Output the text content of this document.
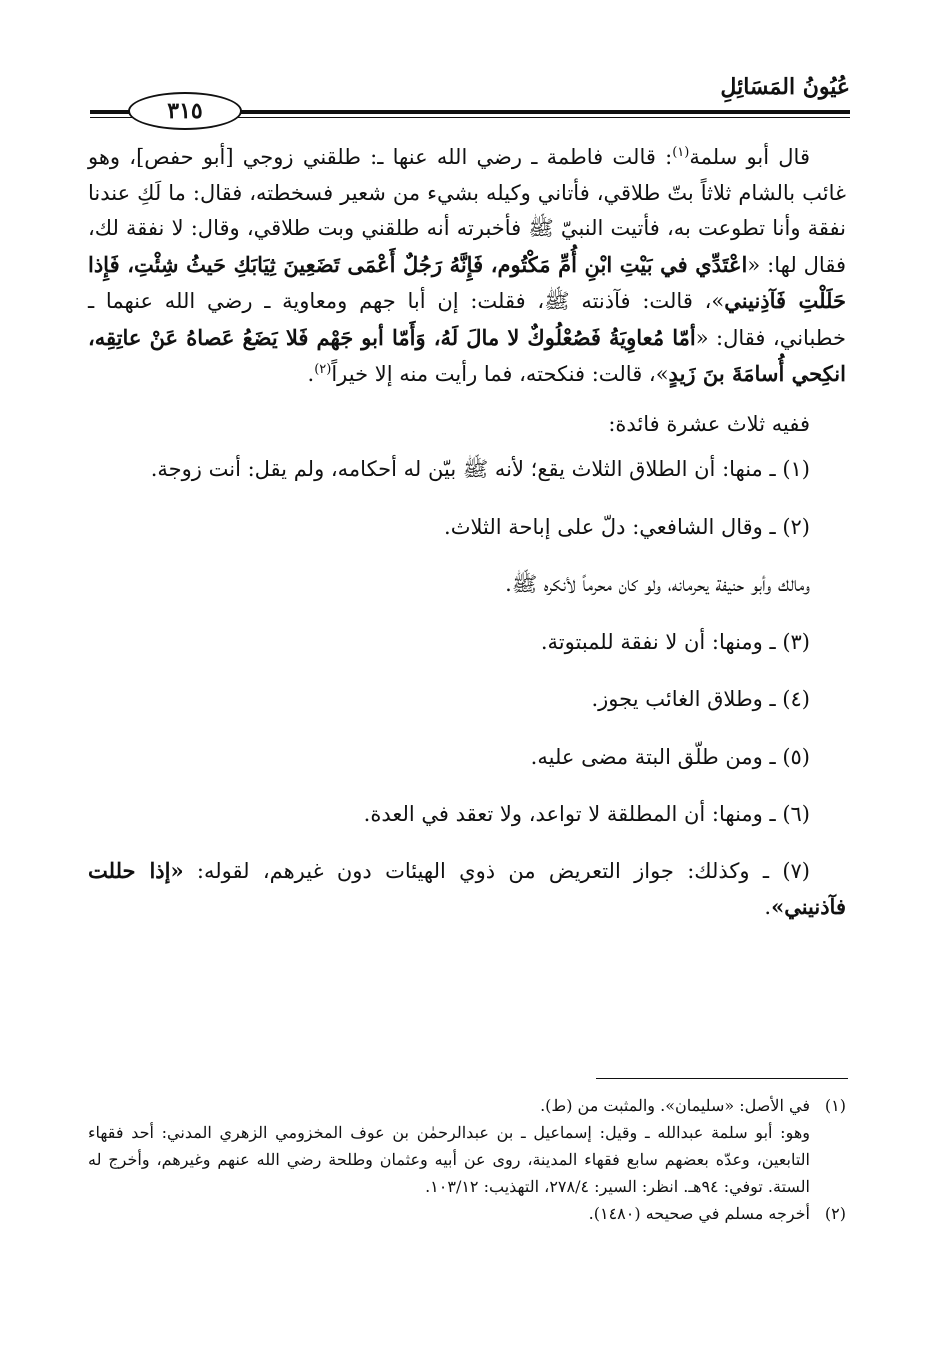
عُيُونُ المَسَائِلِ
٣١٥

قال أبو سلمة$^{(١)}$: قالت فاطمة ـ رضي الله عنها ـ: طلقني زوجي [أبو حفص]، وهو غائب بالشام ثلاثاً بتّ طلاقي، فأتاني وكيله بشيء من شعير فسخطته، فقال: ما لَكِ عندنا نفقة وأنا تطوعت به، فأتيت النبيّ ﷺ فأخبرته أنه طلقني وبت طلاقي، وقال: لا نفقة لك، فقال لها: «اعْتَدِّي في بَيْتِ ابْنِ أُمِّ مَكْتُوم، فَإِنَّهُ رَجُلٌ أَعْمَى تَضَعِينَ ثِيَابَكِ حَيثُ شِئْتِ، فَإِذا حَلَلْتِ فَآذِنيني»، قالت: فآذنته ﷺ، فقلت: إن أبا جهم ومعاوية ـ رضي الله عنهما ـ خطباني، فقال: «أمّا مُعاوِيَةُ فَصُعْلُوكٌ لا مالَ لَهُ، وَأَمّا أبو جَهْم فَلا يَضَعُ عَصاهُ عَنْ عاتِقِه، انكِحي أُسامَةَ بنَ زَيدٍ»، قالت: فنكحته، فما رأيت منه إلا خيراً$^{(٢)}$.

ففيه ثلاث عشرة فائدة:

(١) ـ منها: أن الطلاق الثلاث يقع؛ لأنه ﷺ بيّن له أحكامه، ولم يقل: أنت زوجة.

(٢) ـ وقال الشافعي: دلّ على إباحة الثلاث.

ومالك وأبو حنيفة يحرمانه، ولو كان محرماً لأنكره ﷺ.

(٣) ـ ومنها: أن لا نفقة للمبتوتة.

(٤) ـ وطلاق الغائب يجوز.

(٥) ـ ومن طلّق البتة مضى عليه.

(٦) ـ ومنها: أن المطلقة لا تواعد، ولا تعقد في العدة.

(٧) ـ وكذلك: جواز التعريض من ذوي الهيئات دون غيرهم، لقوله: «إذا حللت فآذنيني».

(١)في الأصل: «سليمان». والمثبت من (ط).

وهو: أبو سلمة عبدالله ـ وقيل: إسماعيل ـ بن عبدالرحمٰن بن عوف المخزومي الزهري المدني: أحد فقهاء التابعين، وعدّه بعضهم سابع فقهاء المدينة، روى عن أبيه وعثمان وطلحة رضي الله عنهم وغيرهم، وأخرج له الستة. توفي: ٩٤هـ. انظر: السير: ٢٧٨/٤، التهذيب: ١٠٣/١٢.

(٢)أخرجه مسلم في صحيحه (١٤٨٠).
